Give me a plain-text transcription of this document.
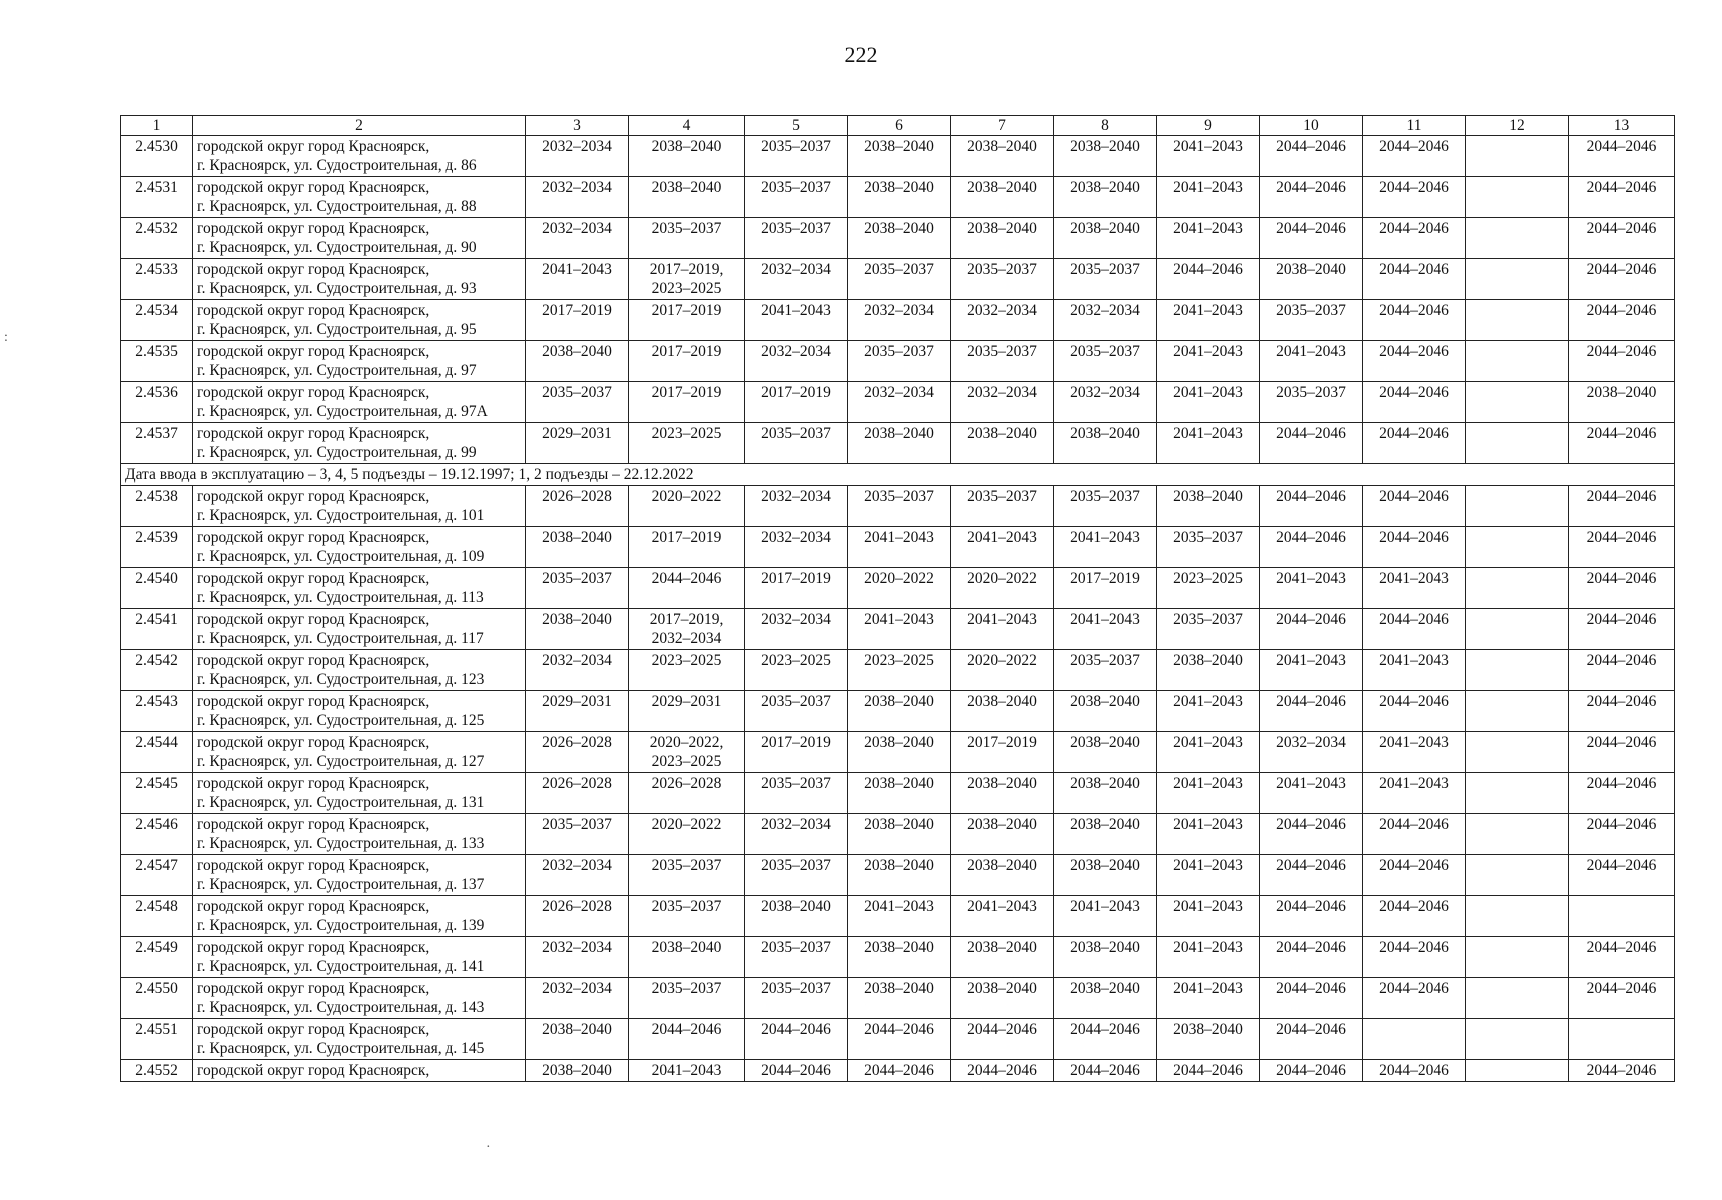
222
1	2	3	4	5	6	7	8	9	10	11	12	13
2.4530	городской округ город Красноярск,
г. Красноярск, ул. Судостроительная, д. 86	2032–2034	2038–2040	2035–2037	2038–2040	2038–2040	2038–2040	2041–2043	2044–2046	2044–2046		2044–2046
2.4531	городской округ город Красноярск,
г. Красноярск, ул. Судостроительная, д. 88	2032–2034	2038–2040	2035–2037	2038–2040	2038–2040	2038–2040	2041–2043	2044–2046	2044–2046		2044–2046
2.4532	городской округ город Красноярск,
г. Красноярск, ул. Судостроительная, д. 90	2032–2034	2035–2037	2035–2037	2038–2040	2038–2040	2038–2040	2041–2043	2044–2046	2044–2046		2044–2046
2.4533	городской округ город Красноярск,
г. Красноярск, ул. Судостроительная, д. 93	2041–2043	2017–2019,
2023–2025	2032–2034	2035–2037	2035–2037	2035–2037	2044–2046	2038–2040	2044–2046		2044–2046
2.4534	городской округ город Красноярск,
г. Красноярск, ул. Судостроительная, д. 95	2017–2019	2017–2019	2041–2043	2032–2034	2032–2034	2032–2034	2041–2043	2035–2037	2044–2046		2044–2046
2.4535	городской округ город Красноярск,
г. Красноярск, ул. Судостроительная, д. 97	2038–2040	2017–2019	2032–2034	2035–2037	2035–2037	2035–2037	2041–2043	2041–2043	2044–2046		2044–2046
2.4536	городской округ город Красноярск,
г. Красноярск, ул. Судостроительная, д. 97А	2035–2037	2017–2019	2017–2019	2032–2034	2032–2034	2032–2034	2041–2043	2035–2037	2044–2046		2038–2040
2.4537	городской округ город Красноярск,
г. Красноярск, ул. Судостроительная, д. 99	2029–2031	2023–2025	2035–2037	2038–2040	2038–2040	2038–2040	2041–2043	2044–2046	2044–2046		2044–2046
Дата ввода в эксплуатацию – 3, 4, 5 подъезды – 19.12.1997; 1, 2 подъезды – 22.12.2022												
2.4538	городской округ город Красноярск,
г. Красноярск, ул. Судостроительная, д. 101	2026–2028	2020–2022	2032–2034	2035–2037	2035–2037	2035–2037	2038–2040	2044–2046	2044–2046		2044–2046
2.4539	городской округ город Красноярск,
г. Красноярск, ул. Судостроительная, д. 109	2038–2040	2017–2019	2032–2034	2041–2043	2041–2043	2041–2043	2035–2037	2044–2046	2044–2046		2044–2046
2.4540	городской округ город Красноярск,
г. Красноярск, ул. Судостроительная, д. 113	2035–2037	2044–2046	2017–2019	2020–2022	2020–2022	2017–2019	2023–2025	2041–2043	2041–2043		2044–2046
2.4541	городской округ город Красноярск,
г. Красноярск, ул. Судостроительная, д. 117	2038–2040	2017–2019,
2032–2034	2032–2034	2041–2043	2041–2043	2041–2043	2035–2037	2044–2046	2044–2046		2044–2046
2.4542	городской округ город Красноярск,
г. Красноярск, ул. Судостроительная, д. 123	2032–2034	2023–2025	2023–2025	2023–2025	2020–2022	2035–2037	2038–2040	2041–2043	2041–2043		2044–2046
2.4543	городской округ город Красноярск,
г. Красноярск, ул. Судостроительная, д. 125	2029–2031	2029–2031	2035–2037	2038–2040	2038–2040	2038–2040	2041–2043	2044–2046	2044–2046		2044–2046
2.4544	городской округ город Красноярск,
г. Красноярск, ул. Судостроительная, д. 127	2026–2028	2020–2022,
2023–2025	2017–2019	2038–2040	2017–2019	2038–2040	2041–2043	2032–2034	2041–2043		2044–2046
2.4545	городской округ город Красноярск,
г. Красноярск, ул. Судостроительная, д. 131	2026–2028	2026–2028	2035–2037	2038–2040	2038–2040	2038–2040	2041–2043	2041–2043	2041–2043		2044–2046
2.4546	городской округ город Красноярск,
г. Красноярск, ул. Судостроительная, д. 133	2035–2037	2020–2022	2032–2034	2038–2040	2038–2040	2038–2040	2041–2043	2044–2046	2044–2046		2044–2046
2.4547	городской округ город Красноярск,
г. Красноярск, ул. Судостроительная, д. 137	2032–2034	2035–2037	2035–2037	2038–2040	2038–2040	2038–2040	2041–2043	2044–2046	2044–2046		2044–2046
2.4548	городской округ город Красноярск,
г. Красноярск, ул. Судостроительная, д. 139	2026–2028	2035–2037	2038–2040	2041–2043	2041–2043	2041–2043	2041–2043	2044–2046	2044–2046		
2.4549	городской округ город Красноярск,
г. Красноярск, ул. Судостроительная, д. 141	2032–2034	2038–2040	2035–2037	2038–2040	2038–2040	2038–2040	2041–2043	2044–2046	2044–2046		2044–2046
2.4550	городской округ город Красноярск,
г. Красноярск, ул. Судостроительная, д. 143	2032–2034	2035–2037	2035–2037	2038–2040	2038–2040	2038–2040	2041–2043	2044–2046	2044–2046		2044–2046
2.4551	городской округ город Красноярск,
г. Красноярск, ул. Судостроительная, д. 145	2038–2040	2044–2046	2044–2046	2044–2046	2044–2046	2044–2046	2038–2040	2044–2046			
2.4552	городской округ город Красноярск,	2038–2040	2041–2043	2044–2046	2044–2046	2044–2046	2044–2046	2044–2046	2044–2046	2044–2046		2044–2046
·
:
